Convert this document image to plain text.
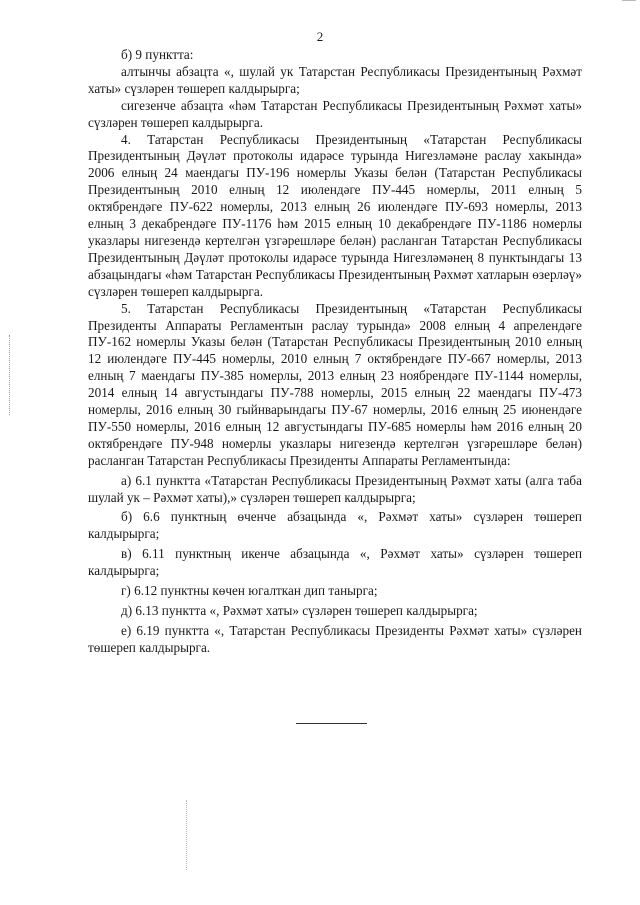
2

б) 9 пунктта:

алтынчы абзацта «, шулай ук Татарстан Республикасы Президентының Рәхмәт хаты» сүзләрен төшереп калдырырга;

сигезенче абзацта «һәм Татарстан Республикасы Президентының Рәхмәт хаты» сүзләрен төшереп калдырырга.

4. Татарстан Республикасы Президентының «Татарстан Республикасы Президентының Дәүләт протоколы идарәсе турында Нигезләмәне раслау хакында» 2006 елның 24 маендагы ПУ-196 номерлы Указы белән (Татарстан Республикасы Президентының 2010 елның 12 июлендәге ПУ-445 номерлы, 2011 елның 5 октябрендәге ПУ-622 номерлы, 2013 елның 26 июлендәге ПУ-693 номерлы, 2013 елның 3 декабрендәге ПУ-1176 һәм 2015 елның 10 декабрендәге ПУ-1186 номерлы указлары нигезендә кертелгән үзгәрешләре белән) расланган Татарстан Республикасы Президентының Дәүләт протоколы идарәсе турында Нигезләмәнең 8 пунктындагы 13 абзацындагы «һәм Татарстан Республикасы Президентының Рәхмәт хатларын өзерләү» сүзләрен төшереп калдырырга.

5. Татарстан Республикасы Президентының «Татарстан Республикасы Президенты Аппараты Регламентын раслау турында» 2008 елның 4 апрелендәге ПУ-162 номерлы Указы белән (Татарстан Республикасы Президентының 2010 елның 12 июлендәге ПУ-445 номерлы, 2010 елның 7 октябрендәге ПУ-667 номерлы, 2013 елның 7 маендагы ПУ-385 номерлы, 2013 елның 23 ноябрендәге ПУ-1144 номерлы, 2014 елның 14 августындагы ПУ-788 номерлы, 2015 елның 22 маендагы ПУ-473 номерлы, 2016 елның 30 гыйнварындагы ПУ-67 номерлы, 2016 елның 25 июнендәге ПУ-550 номерлы, 2016 елның 12 августындагы ПУ-685 номерлы һәм 2016 елның 20 октябрендәге ПУ-948 номерлы указлары нигезендә кертелгән үзгәрешләре белән) расланган Татарстан Республикасы Президенты Аппараты Регламентында:

а) 6.1 пунктта «Татарстан Республикасы Президентының Рәхмәт хаты (алга таба шулай ук – Рәхмәт хаты),» сүзләрен төшереп калдырырга;

б) 6.6 пунктның өченче абзацында «, Рәхмәт хаты» сүзләрен төшереп калдырырга;

в) 6.11 пунктның икенче абзацында «, Рәхмәт хаты» сүзләрен төшереп калдырырга;

г) 6.12 пунктны көчен югалткан дип танырга;

д) 6.13 пунктта «, Рәхмәт хаты» сүзләрен төшереп калдырырга;

е) 6.19 пунктта «, Татарстан Республикасы Президенты Рәхмәт хаты» сүзләрен төшереп калдырырга.
